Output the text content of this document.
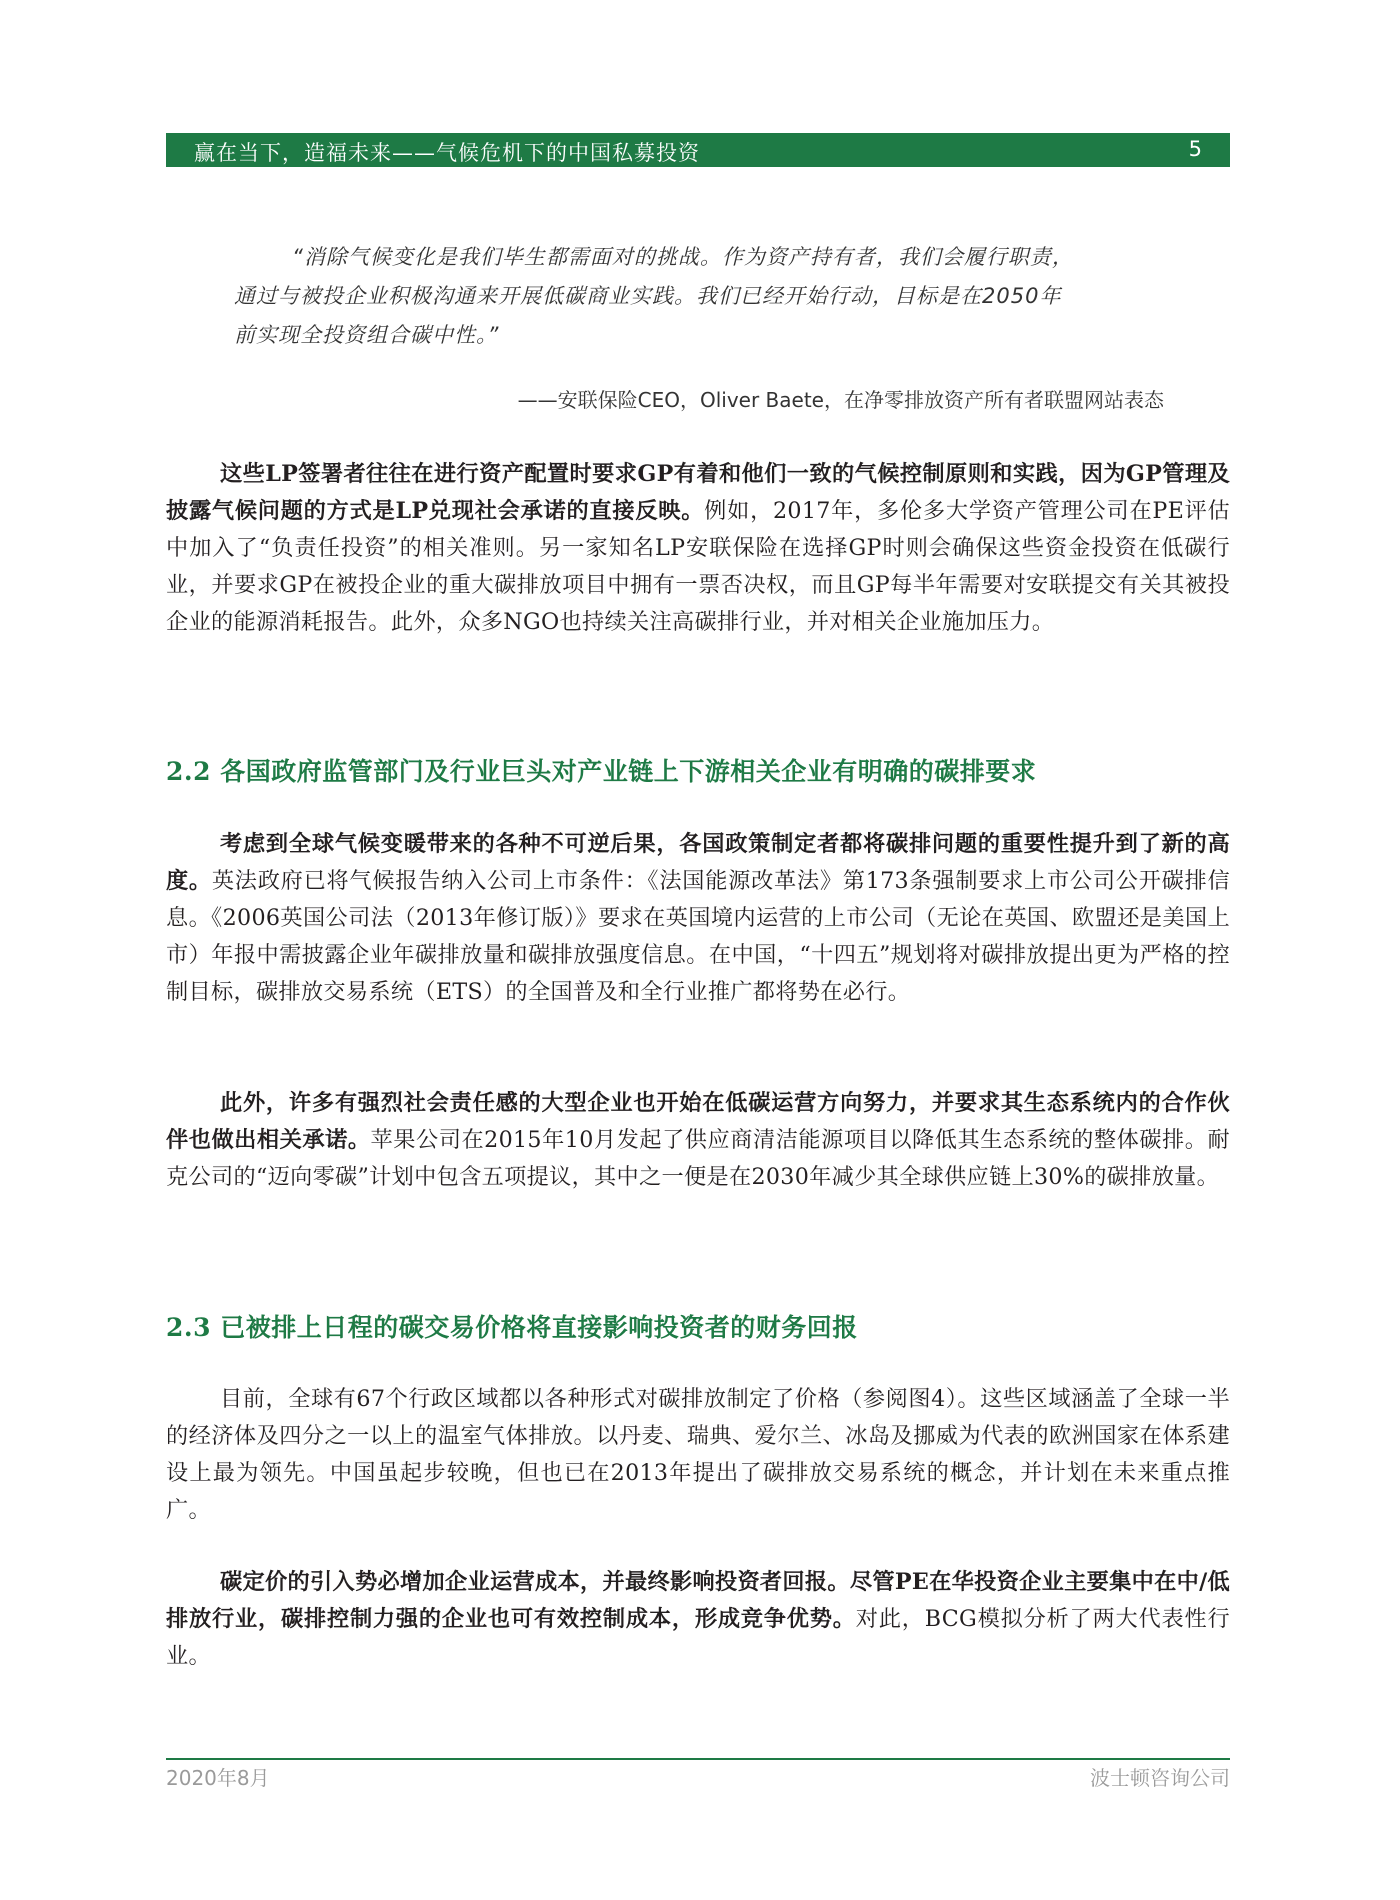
赢在当下，造福未来——气候危机下的中国私募投资	5

“消除气候变化是我们毕生都需面对的挑战。作为资产持有者，我们会履行职责，

通过与被投企业积极沟通来开展低碳商业实践。我们已经开始行动，目标是在2050年

前实现全投资组合碳中性。”

——安联保险CEO，Oliver Baete，在净零排放资产所有者联盟网站表态

这些LP签署者往往在进行资产配置时要求GP有着和他们一致的气候控制原则和实践，因为GP管理及披露气候问题的方式是LP兑现社会承诺的直接反映。例如，2017年，多伦多大学资产管理公司在PE评估中加入了“负责任投资”的相关准则。另一家知名LP安联保险在选择GP时则会确保这些资金投资在低碳行业，并要求GP在被投企业的重大碳排放项目中拥有一票否决权，而且GP每半年需要对安联提交有关其被投企业的能源消耗报告。此外，众多NGO也持续关注高碳排行业，并对相关企业施加压力。

2.2 各国政府监管部门及行业巨头对产业链上下游相关企业有明确的碳排要求

考虑到全球气候变暖带来的各种不可逆后果，各国政策制定者都将碳排问题的重要性提升到了新的高度。英法政府已将气候报告纳入公司上市条件：《法国能源改革法》第173条强制要求上市公司公开碳排信息。《2006英国公司法（2013年修订版）》要求在英国境内运营的上市公司（无论在英国、欧盟还是美国上市）年报中需披露企业年碳排放量和碳排放强度信息。在中国，“十四五”规划将对碳排放提出更为严格的控制目标，碳排放交易系统（ETS）的全国普及和全行业推广都将势在必行。

此外，许多有强烈社会责任感的大型企业也开始在低碳运营方向努力，并要求其生态系统内的合作伙伴也做出相关承诺。苹果公司在2015年10月发起了供应商清洁能源项目以降低其生态系统的整体碳排。耐克公司的“迈向零碳”计划中包含五项提议，其中之一便是在2030年减少其全球供应链上30%的碳排放量。

2.3 已被排上日程的碳交易价格将直接影响投资者的财务回报

目前，全球有67个行政区域都以各种形式对碳排放制定了价格（参阅图4）。这些区域涵盖了全球一半的经济体及四分之一以上的温室气体排放。以丹麦、瑞典、爱尔兰、冰岛及挪威为代表的欧洲国家在体系建设上最为领先。中国虽起步较晚，但也已在2013年提出了碳排放交易系统的概念，并计划在未来重点推广。

碳定价的引入势必增加企业运营成本，并最终影响投资者回报。尽管PE在华投资企业主要集中在中/低排放行业，碳排控制力强的企业也可有效控制成本，形成竞争优势。对此，BCG模拟分析了两大代表性行业。

2020年8月	波士顿咨询公司
